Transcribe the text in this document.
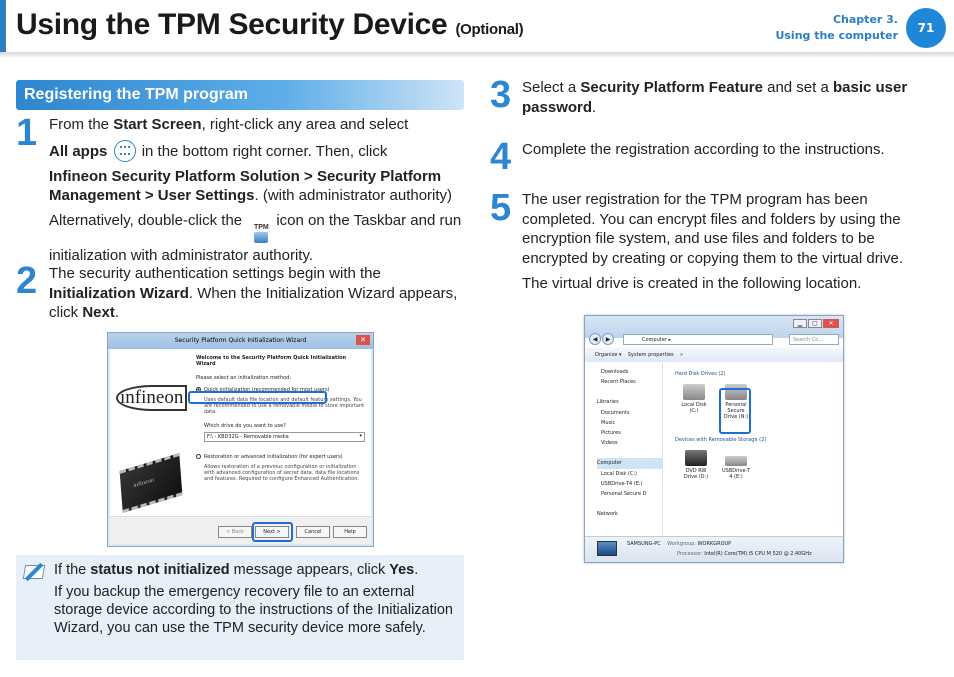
Using the TPM Security Device (Optional)
Chapter 3.
Using the computer
71
Registering the TPM program
1 From the Start Screen, right-click any area and select
All apps
in the bottom right corner. Then, click
Infineon Security Platform Solution > Security Platform Management > User Settings. (with administrator authority)
Alternatively, double-click the	TPM icon on the Taskbar and run initialization with administrator authority.
2 The security authentication settings begin with the Initialization Wizard. When the Initialization Wizard appears, click Next.
Security Platform Quick Initialization Wizard	✕
infineon
infineon
Welcome to the Security Platform Quick Initialization Wizard
Please select an initialization method:
Quick initialization (recommended for most users)
Uses default data file location and default feature settings. You are recommended to use a removable media to store important data.
Which drive do you want to use?
F:\ - KBD32G - Removable media	▾
Restoration or advanced initialization (for expert users)
Allows restoration of a previous configuration or initialization with advanced configuration of secret data, data file locations and features. Required to configure Enhanced Authentication.
< Back	Next >	Cancel	Help
If the status not initialized message appears, click Yes.
If you backup the emergency recovery file to an external storage device according to the instructions of the Initialization Wizard, you can use the TPM security device more safely.
3 Select a Security Platform Feature and set a basic user password.
4 Complete the registration according to the instructions.
5 The user registration for the TPM program has been completed. You can encrypt files and folders by using the encryption file system, and use files and folders to be encrypted by creating or copying them to the virtual drive.
The virtual drive is created in the following location.
▁	▢	✕
◀	▶	Computer ▸	Search Co...
Organize ▾    System properties »
Downloads
Recent Places
Libraries
Documents
Music
Pictures
Videos
Computer
Local Disk (C:)
USBDrive-T4 (E:)
Personal Secure D
Network
Hard Disk Drives (2)
Local Disk
(C:)
Personal
Secure
Drive (N:)
Devices with Removable Storage (2)
DVD RW
Drive (D:)
USBDrive-T
4 (E:)
SAMSUNG-PC Workgroup: WORKGROUP
Processor: Intel(R) Core(TM) i5 CPU M 520 @ 2.40GHz
